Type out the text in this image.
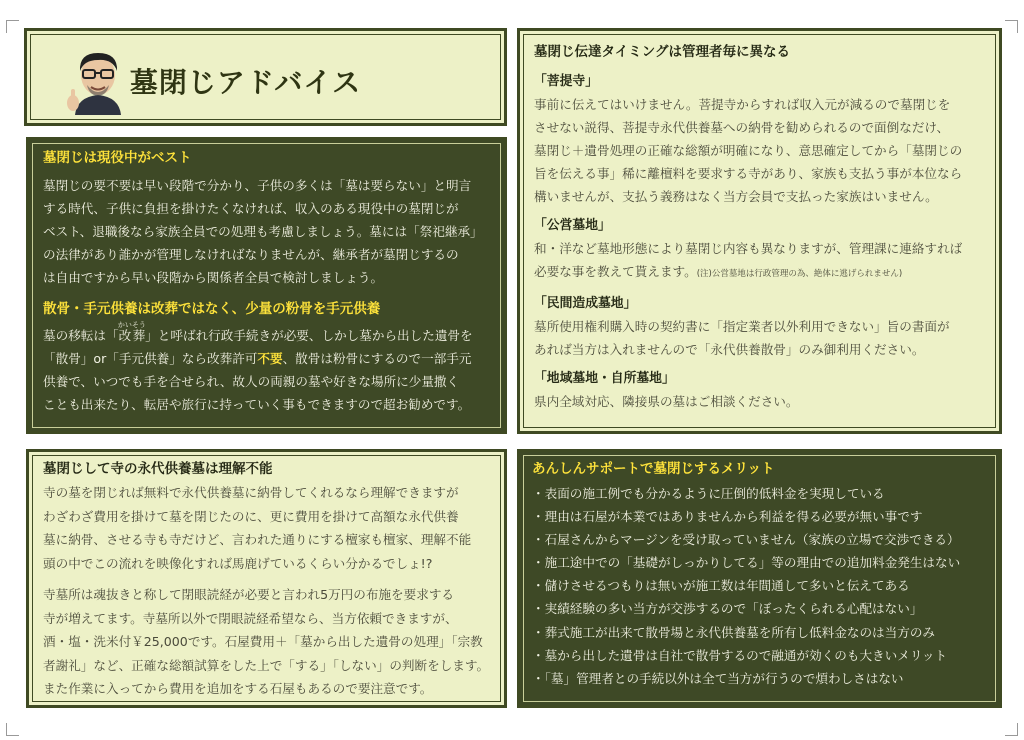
墓閉じアドバイス
墓閉じは現役中がベスト

墓閉じの要不要は早い段階で分かり、子供の多くは「墓は要らない」と明言
する時代、子供に負担を掛けたくなければ、収入のある現役中の墓閉じが
ベスト、退職後なら家族全員での処理も考慮しましょう。墓には「祭祀継承」
の法律があり誰かが管理しなければなりませんが、継承者が墓閉じするの
は自由ですから早い段階から関係者全員で検討しましょう。

散骨・手元供養は改葬ではなく、少量の粉骨を手元供養

墓の移転は「改葬かいそう」と呼ばれ行政手続きが必要、しかし墓から出した遺骨を
「散骨」or「手元供養」なら改葬許可不要、散骨は粉骨にするので一部手元
供養で、いつでも手を合せられ、故人の両親の墓や好きな場所に少量撒く
ことも出来たり、転居や旅行に持っていく事もできますので超お勧めです。

墓閉じして寺の永代供養墓は理解不能

寺の墓を閉じれば無料で永代供養墓に納骨してくれるなら理解できますが
わざわざ費用を掛けて墓を閉じたのに、更に費用を掛けて高額な永代供養
墓に納骨、させる寺も寺だけど、言われた通りにする檀家も檀家、理解不能
頭の中でこの流れを映像化すれば馬鹿げているくらい分かるでしょ!?

寺墓所は魂抜きと称して閉眼読経が必要と言われ5万円の布施を要求する
寺が増えてます。寺墓所以外で閉眼読経希望なら、当方依頼できますが、
酒・塩・洗米付￥25,000です。石屋費用＋「墓から出した遺骨の処理」「宗教
者謝礼」など、正確な総額試算をした上で「する」「しない」の判断をします。
また作業に入ってから費用を追加をする石屋もあるので要注意です。

墓閉じ伝達タイミングは管理者毎に異なる
「菩提寺」

事前に伝えてはいけません。菩提寺からすれば収入元が減るので墓閉じを
させない説得、菩提寺永代供養墓への納骨を勧められるので面倒なだけ、
墓閉じ＋遺骨処理の正確な総額が明確になり、意思確定してから「墓閉じの
旨を伝える事」稀に離檀料を要求する寺があり、家族も支払う事が本位なら
構いませんが、支払う義務はなく当方会員で支払った家族はいません。

「公営墓地」

和・洋など墓地形態により墓閉じ内容も異なりますが、管理課に連絡すれば
必要な事を教えて貰えます。(注)公営墓地は行政管理の為、絶体に逃げられません)

「民間造成墓地」

墓所使用権利購入時の契約書に「指定業者以外利用できない」旨の書面が
あれば当方は入れませんので「永代供養散骨」のみ御利用ください。

「地域墓地・自所墓地」

県内全域対応、隣接県の墓はご相談ください。

あんしんサポートで墓閉じするメリット
・表面の施工例でも分かるように圧倒的低料金を実現している
・理由は石屋が本業ではありませんから利益を得る必要が無い事です
・石屋さんからマージンを受け取っていません（家族の立場で交渉できる）
・施工途中での「基礎がしっかりしてる」等の理由での追加料金発生はない
・儲けさせるつもりは無いが施工数は年間通して多いと伝えてある
・実績経験の多い当方が交渉するので「ぼったくられる心配はない」
・葬式施工が出来て散骨場と永代供養墓を所有し低料金なのは当方のみ
・墓から出した遺骨は自社で散骨するので融通が効くのも大きいメリット
・「墓」管理者との手続以外は全て当方が行うので煩わしさはない
